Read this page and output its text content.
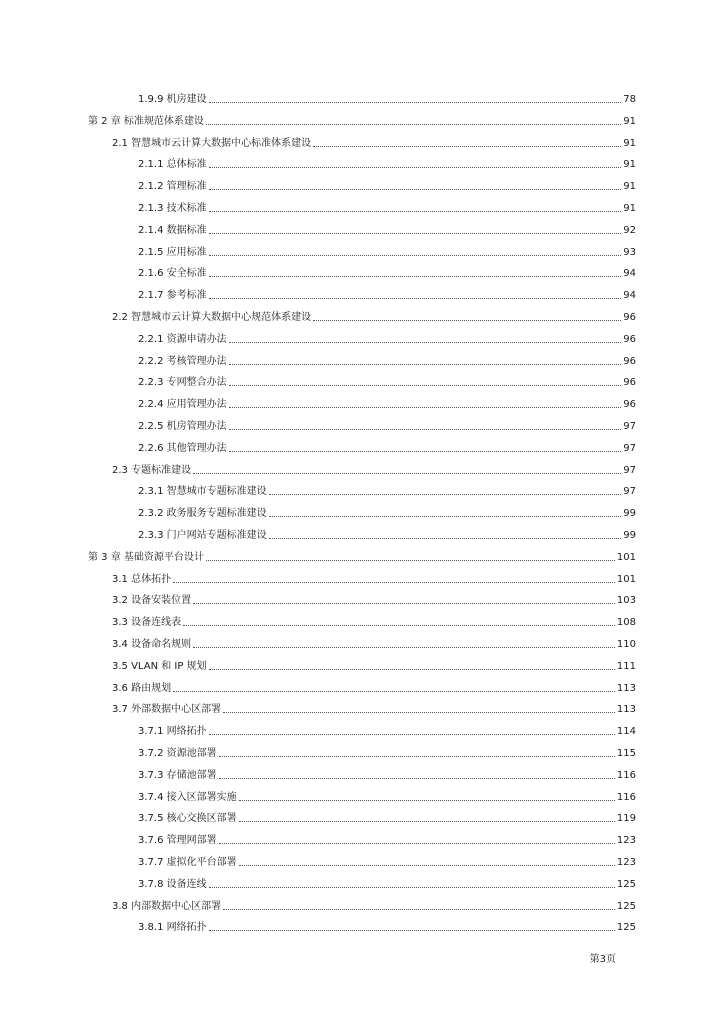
1.9.9 机房建设	78
第 2 章 标准规范体系建设	91
2.1 智慧城市云计算大数据中心标准体系建设	91
2.1.1 总体标准	91
2.1.2 管理标准	91
2.1.3 技术标准	91
2.1.4 数据标准	92
2.1.5 应用标准	93
2.1.6 安全标准	94
2.1.7 参考标准	94
2.2 智慧城市云计算大数据中心规范体系建设	96
2.2.1 资源申请办法	96
2.2.2 考核管理办法	96
2.2.3 专网整合办法	96
2.2.4 应用管理办法	96
2.2.5 机房管理办法	97
2.2.6 其他管理办法	97
2.3 专题标准建设	97
2.3.1 智慧城市专题标准建设	97
2.3.2 政务服务专题标准建设	99
2.3.3 门户网站专题标准建设	99
第 3 章 基础资源平台设计	101
3.1 总体拓扑	101
3.2 设备安装位置	103
3.3 设备连线表	108
3.4 设备命名规则	110
3.5 VLAN 和 IP 规划	111
3.6 路由规划	113
3.7 外部数据中心区部署	113
3.7.1 网络拓扑	114
3.7.2 资源池部署	115
3.7.3 存储池部署	116
3.7.4 接入区部署实施	116
3.7.5 核心交换区部署	119
3.7.6 管理网部署	123
3.7.7 虚拟化平台部署	123
3.7.8 设备连线	125
3.8 内部数据中心区部署	125
3.8.1 网络拓扑	125
第3页
